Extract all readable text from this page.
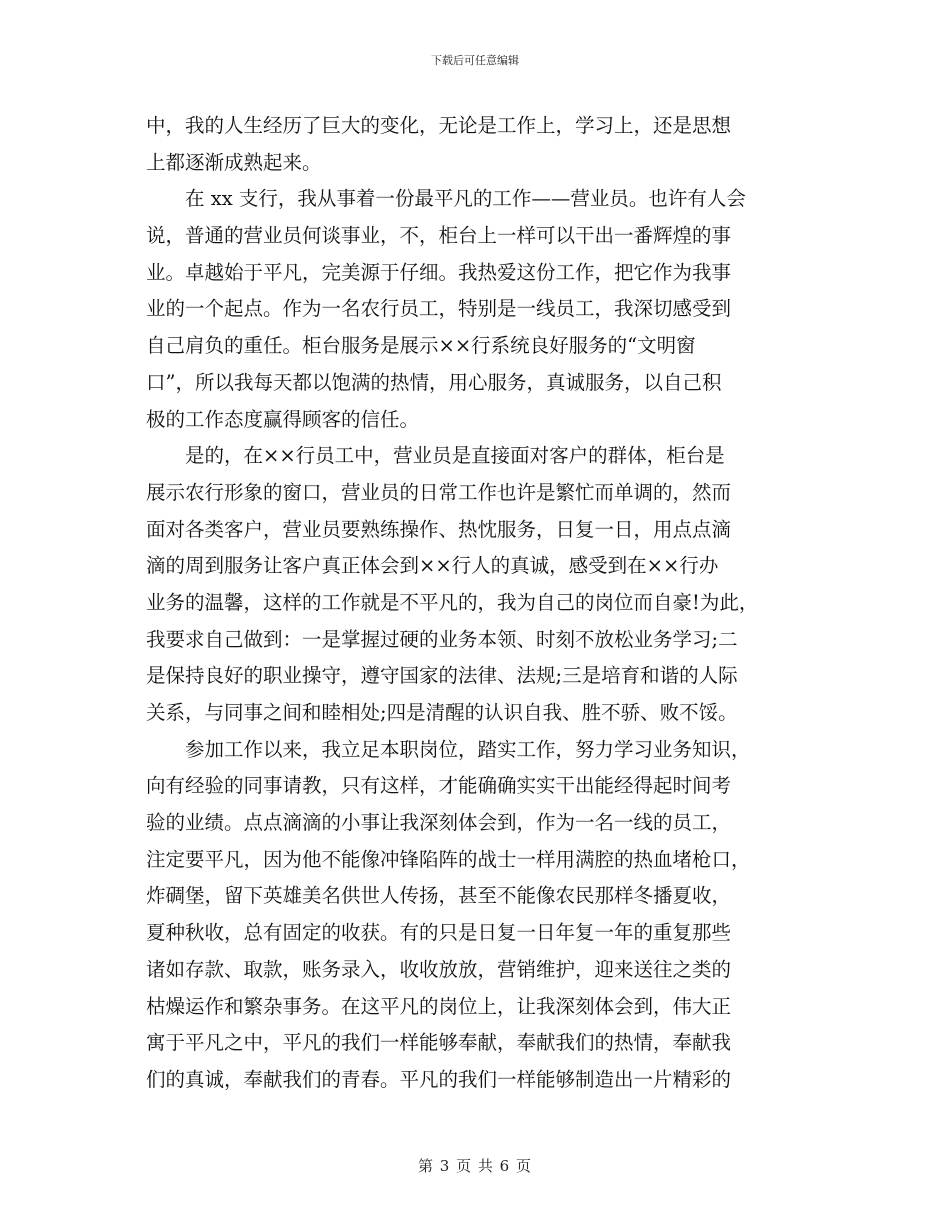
下载后可任意编辑
中，我的人生经历了巨大的变化，无论是工作上，学习上，还是思想
上都逐渐成熟起来。
　　在 xx 支行，我从事着一份最平凡的工作——营业员。也许有人会
说，普通的营业员何谈事业，不，柜台上一样可以干出一番辉煌的事
业。卓越始于平凡，完美源于仔细。我热爱这份工作，把它作为我事
业的一个起点。作为一名农行员工，特别是一线员工，我深切感受到
自己肩负的重任。柜台服务是展示××行系统良好服务的“文明窗
口”，所以我每天都以饱满的热情，用心服务，真诚服务，以自己积
极的工作态度赢得顾客的信任。
　　是的，在××行员工中，营业员是直接面对客户的群体，柜台是
展示农行形象的窗口，营业员的日常工作也许是繁忙而单调的，然而
面对各类客户，营业员要熟练操作、热忱服务，日复一日，用点点滴
滴的周到服务让客户真正体会到××行人的真诚，感受到在××行办
业务的温馨，这样的工作就是不平凡的，我为自己的岗位而自豪!为此，
我要求自己做到：一是掌握过硬的业务本领、时刻不放松业务学习;二
是保持良好的职业操守，遵守国家的法律、法规;三是培育和谐的人际
关系，与同事之间和睦相处;四是清醒的认识自我、胜不骄、败不馁。
　　参加工作以来，我立足本职岗位，踏实工作，努力学习业务知识，
向有经验的同事请教，只有这样，才能确确实实干出能经得起时间考
验的业绩。点点滴滴的小事让我深刻体会到，作为一名一线的员工，
注定要平凡，因为他不能像冲锋陷阵的战士一样用满腔的热血堵枪口，
炸碉堡，留下英雄美名供世人传扬，甚至不能像农民那样冬播夏收，
夏种秋收，总有固定的收获。有的只是日复一日年复一年的重复那些
诸如存款、取款，账务录入，收收放放，营销维护，迎来送往之类的
枯燥运作和繁杂事务。在这平凡的岗位上，让我深刻体会到，伟大正
寓于平凡之中，平凡的我们一样能够奉献，奉献我们的热情，奉献我
们的真诚，奉献我们的青春。平凡的我们一样能够制造出一片精彩的
第 3 页 共 6 页
